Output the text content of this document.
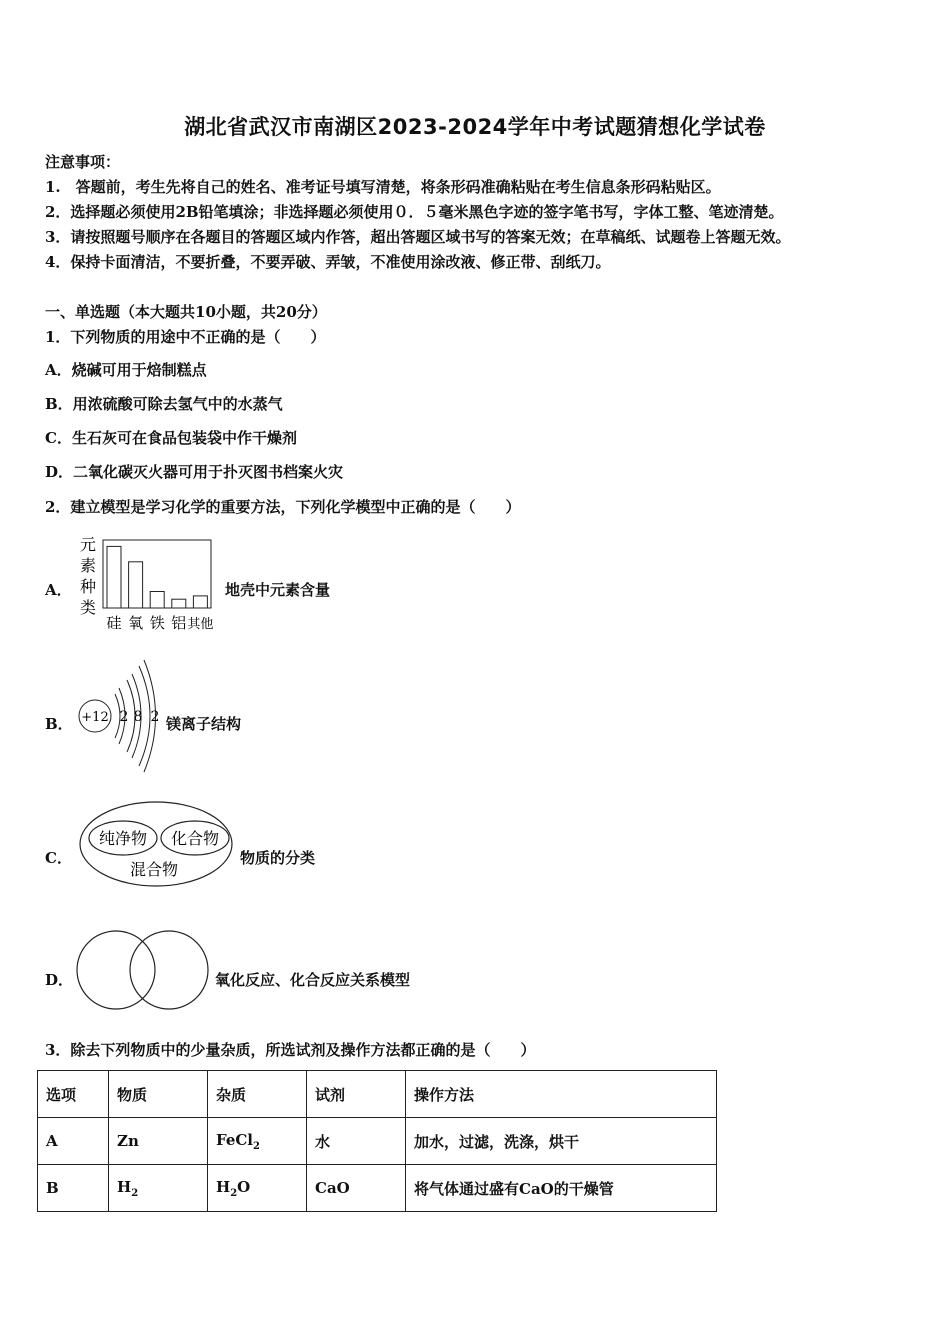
湖北省武汉市南湖区2023-2024学年中考试题猜想化学试卷
注意事项：
1.　答题前，考生先将自己的姓名、准考证号填写清楚，将条形码准确粘贴在考生信息条形码粘贴区。
2．选择题必须使用2B铅笔填涂；非选择题必须使用０．５毫米黑色字迹的签字笔书写，字体工整、笔迹清楚。
3．请按照题号顺序在各题目的答题区域内作答，超出答题区域书写的答案无效；在草稿纸、试题卷上答题无效。
4．保持卡面清洁，不要折叠，不要弄破、弄皱，不准使用涂改液、修正带、刮纸刀。
一、单选题（本大题共10小题，共20分）
1．下列物质的用途中不正确的是（　　）
A．烧碱可用于焙制糕点
B．用浓硫酸可除去氢气中的水蒸气
C．生石灰可在食品包装袋中作干燥剂
D．二氧化碳灭火器可用于扑灭图书档案火灾
2．建立模型是学习化学的重要方法，下列化学模型中正确的是（　　）
A．
元
素
种
类
硅 氧 铁 铝 其他
地壳中元素含量
B． +12 2 8 2 镁离子结构
C．
纯净物 化合物
混合物
物质的分类
D．	氧化反应、化合反应关系模型
3．除去下列物质中的少量杂质，所选试剂及操作方法都正确的是（　　）
选项	物质	杂质	试剂	操作方法
A	Zn	FeCl$_2$	水	加水，过滤，洗涤，烘干
B	$H_2$	$H_2O$	CaO	将气体通过盛有CaO的干燥管
